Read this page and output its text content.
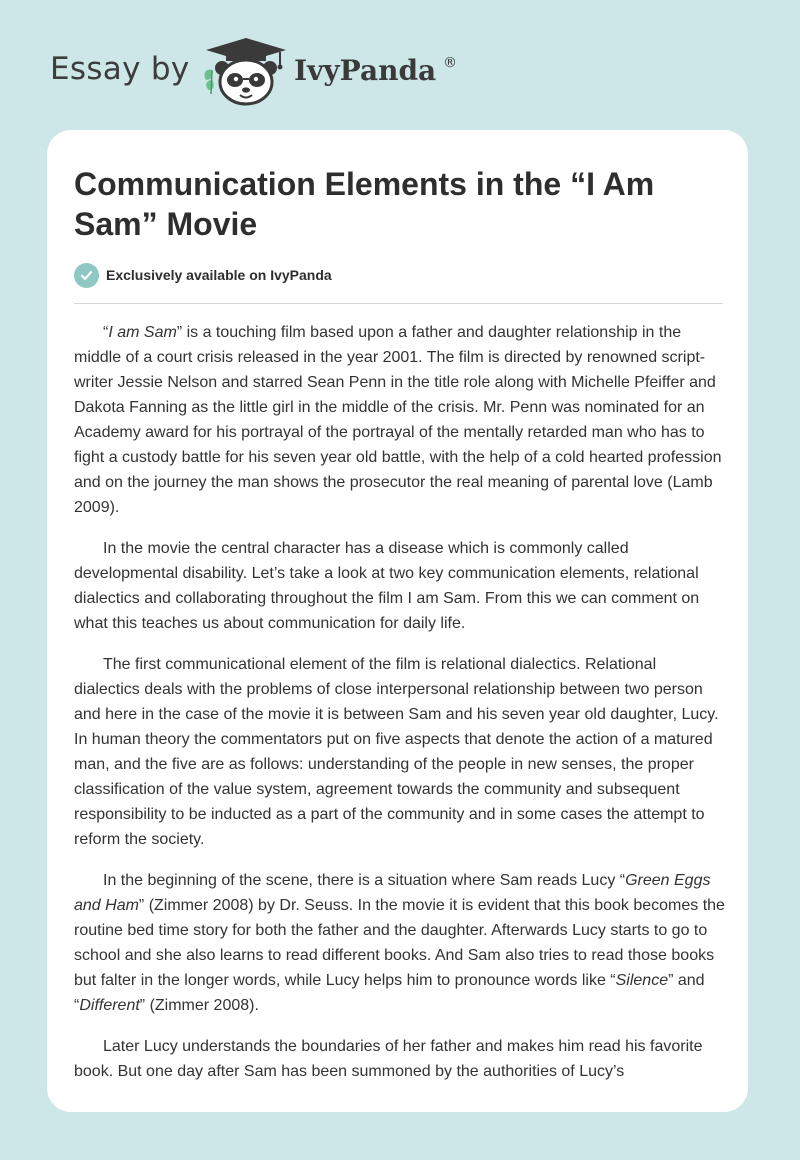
Essay by	IvyPanda ®
Communication Elements in the “I Am Sam” Movie
Exclusively available on IvyPanda

“I am Sam” is a touching film based upon a father and daughter relationship in the middle of a court crisis released in the year 2001. The film is directed by renowned script-writer Jessie Nelson and starred Sean Penn in the title role along with Michelle Pfeiffer and Dakota Fanning as the little girl in the middle of the crisis. Mr. Penn was nominated for an Academy award for his portrayal of the portrayal of the mentally retarded man who has to fight a custody battle for his seven year old battle, with the help of a cold hearted profession and on the journey the man shows the prosecutor the real meaning of parental love (Lamb 2009).

In the movie the central character has a disease which is commonly called developmental disability. Let’s take a look at two key communication elements, relational dialectics and collaborating throughout the film I am Sam. From this we can comment on what this teaches us about communication for daily life.

The first communicational element of the film is relational dialectics. Relational dialectics deals with the problems of close interpersonal relationship between two person and here in the case of the movie it is between Sam and his seven year old daughter, Lucy. In human theory the commentators put on five aspects that denote the action of a matured man, and the five are as follows: understanding of the people in new senses, the proper classification of the value system, agreement towards the community and subsequent responsibility to be inducted as a part of the community and in some cases the attempt to reform the society.

In the beginning of the scene, there is a situation where Sam reads Lucy “Green Eggs and Ham” (Zimmer 2008) by Dr. Seuss. In the movie it is evident that this book becomes the routine bed time story for both the father and the daughter. Afterwards Lucy starts to go to school and she also learns to read different books. And Sam also tries to read those books but falter in the longer words, while Lucy helps him to pronounce words like “Silence” and “Different” (Zimmer 2008).

Later Lucy understands the boundaries of her father and makes him read his favorite book. But one day after Sam has been summoned by the authorities of Lucy’s
